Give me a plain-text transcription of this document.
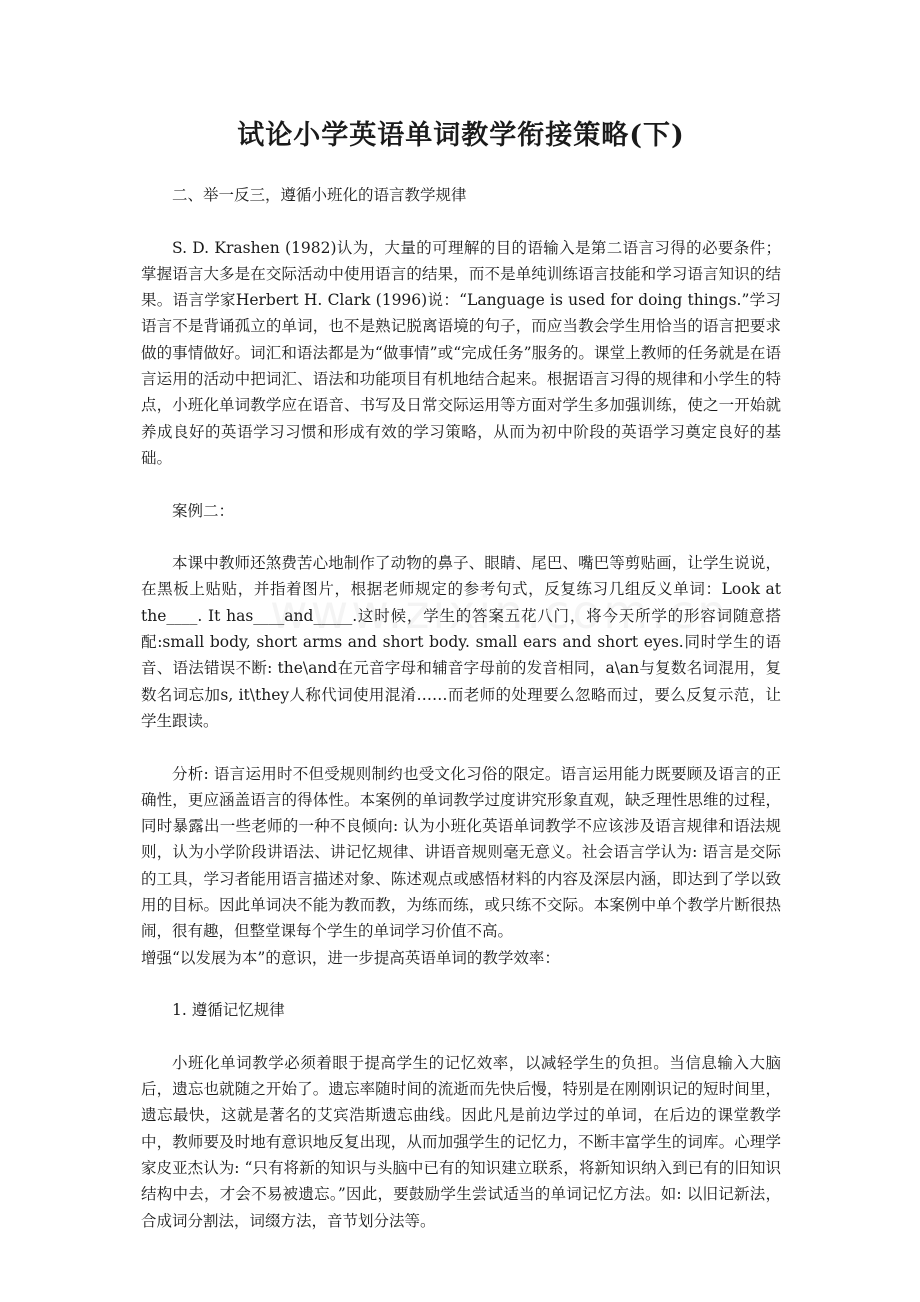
试论小学英语单词教学衔接策略(下)

二、举一反三，遵循小班化的语言教学规律

S. D. Krashen (1982)认为，大量的可理解的目的语输入是第二语言习得的必要条件；掌握语言大多是在交际活动中使用语言的结果，而不是单纯训练语言技能和学习语言知识的结果。语言学家Herbert H. Clark (1996)说：“Language is used for doing things.”学习语言不是背诵孤立的单词，也不是熟记脱离语境的句子，而应当教会学生用恰当的语言把要求做的事情做好。词汇和语法都是为“做事情”或“完成任务”服务的。课堂上教师的任务就是在语言运用的活动中把词汇、语法和功能项目有机地结合起来。根据语言习得的规律和小学生的特点，小班化单词教学应在语音、书写及日常交际运用等方面对学生多加强训练，使之一开始就养成良好的英语学习习惯和形成有效的学习策略，从而为初中阶段的英语学习奠定良好的基础。

案例二：

本课中教师还煞费苦心地制作了动物的鼻子、眼睛、尾巴、嘴巴等剪贴画，让学生说说，在黑板上贴贴，并指着图片，根据老师规定的参考句式，反复练习几组反义单词：Look at the____. It has____and_____.这时候，学生的答案五花八门，将今天所学的形容词随意搭配:small body, short arms and short body. small ears and short eyes.同时学生的语音、语法错误不断: the\and在元音字母和辅音字母前的发音相同，a\an与复数名词混用，复数名词忘加s, it\they人称代词使用混淆……而老师的处理要么忽略而过，要么反复示范，让学生跟读。

分析: 语言运用时不但受规则制约也受文化习俗的限定。语言运用能力既要顾及语言的正确性，更应涵盖语言的得体性。本案例的单词教学过度讲究形象直观，缺乏理性思维的过程，同时暴露出一些老师的一种不良倾向: 认为小班化英语单词教学不应该涉及语言规律和语法规则，认为小学阶段讲语法、讲记忆规律、讲语音规则毫无意义。社会语言学认为: 语言是交际的工具，学习者能用语言描述对象、陈述观点或感悟材料的内容及深层内涵，即达到了学以致用的目标。因此单词决不能为教而教，为练而练，或只练不交际。本案例中单个教学片断很热闹，很有趣，但整堂课每个学生的单词学习价值不高。

增强“以发展为本”的意识，进一步提高英语单词的教学效率：

1. 遵循记忆规律

小班化单词教学必须着眼于提高学生的记忆效率，以减轻学生的负担。当信息输入大脑后，遗忘也就随之开始了。遗忘率随时间的流逝而先快后慢，特别是在刚刚识记的短时间里，遗忘最快，这就是著名的艾宾浩斯遗忘曲线。因此凡是前边学过的单词，在后边的课堂教学中，教师要及时地有意识地反复出现，从而加强学生的记忆力，不断丰富学生的词库。心理学家皮亚杰认为: “只有将新的知识与头脑中已有的知识建立联系，将新知识纳入到已有的旧知识结构中去，才会不易被遗忘。”因此，要鼓励学生尝试适当的单词记忆方法。如: 以旧记新法，合成词分割法，词缀方法，音节划分法等。
